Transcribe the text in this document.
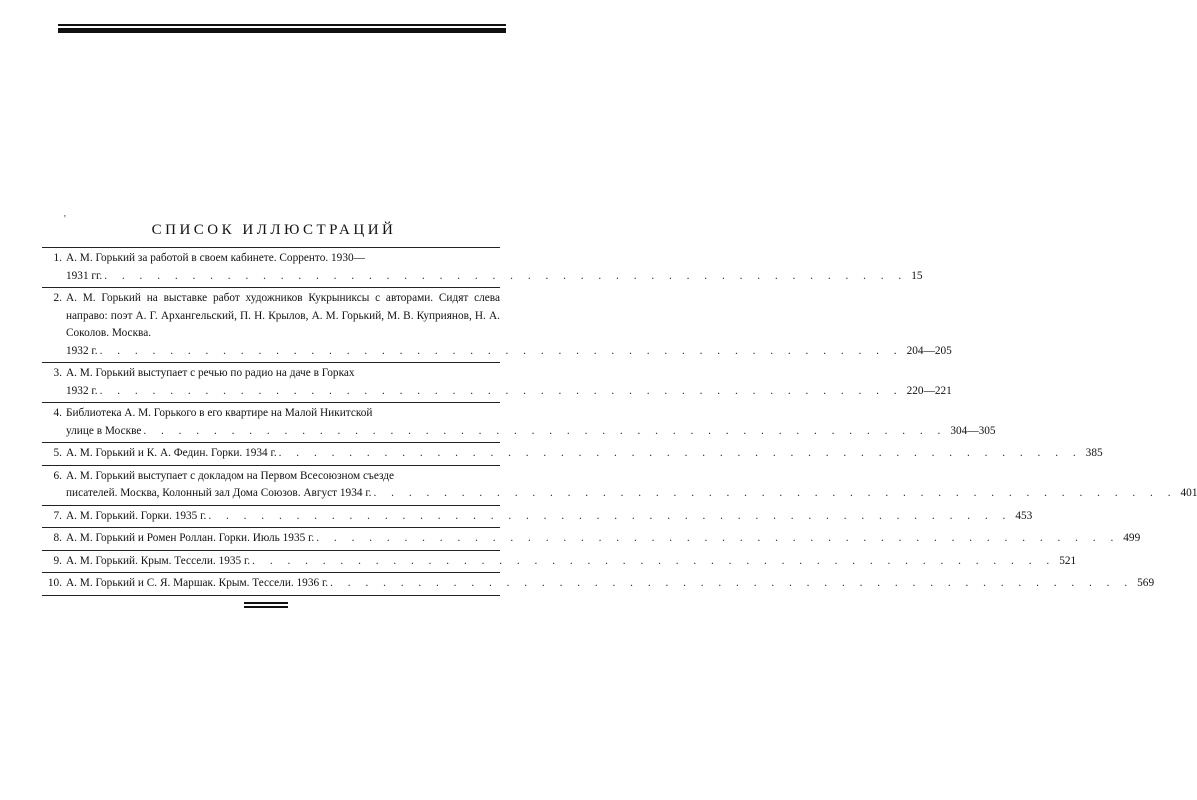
'
СПИСОК ИЛЛЮСТРАЦИЙ
1. А. М. Горький за работой в своем кабинете. Сорренто. 1930—
1931 гг. . . . . . . . . . . . . . . . . . . . . . . . . . . . . . . . . . . . . . . . . . . . . . . 15
2. А. М. Горький на выставке работ художников Кукрыниксы с авторами. Сидят слева направо: поэт А. Г. Архангельский, П. Н. Крылов, А. М. Горький, М. В. Куприянов, Н. А. Соколов. Москва.
1932 г. . . . . . . . . . . . . . . . . . . . . . . . . . . . . . . . . . . . . . . . . . . . . . . 204—205
3. А. М. Горький выступает с речью по радио на даче в Горках
1932 г. . . . . . . . . . . . . . . . . . . . . . . . . . . . . . . . . . . . . . . . . . . . . . . 220—221
4. Библиотека А. М. Горького в его квартире на Малой Никитской
улице в Москве . . . . . . . . . . . . . . . . . . . . . . . . . . . . . . . . . . . . . . . . . . . . . . 304—305
5. А. М. Горький и К. А. Федин. Горки. 1934 г. . . . . . . . . . . . . . . . . . . . . . . . . . . . . . . . . . . . . . . . . . . . . . . 385
6. А. М. Горький выступает с докладом на Первом Всесоюзном съезде
писателей. Москва, Колонный зал Дома Союзов. Август 1934 г. . . . . . . . . . . . . . . . . . . . . . . . . . . . . . . . . . . . . . . . . . . . . . . 401
7. А. М. Горький. Горки. 1935 г. . . . . . . . . . . . . . . . . . . . . . . . . . . . . . . . . . . . . . . . . . . . . . . 453
8. А. М. Горький и Ромен Роллан. Горки. Июль 1935 г. . . . . . . . . . . . . . . . . . . . . . . . . . . . . . . . . . . . . . . . . . . . . . . 499
9. А. М. Горький. Крым. Тессели. 1935 г. . . . . . . . . . . . . . . . . . . . . . . . . . . . . . . . . . . . . . . . . . . . . . . 521
10. А. М. Горький и С. Я. Маршак. Крым. Тессели. 1936 г. . . . . . . . . . . . . . . . . . . . . . . . . . . . . . . . . . . . . . . . . . . . . . . 569
